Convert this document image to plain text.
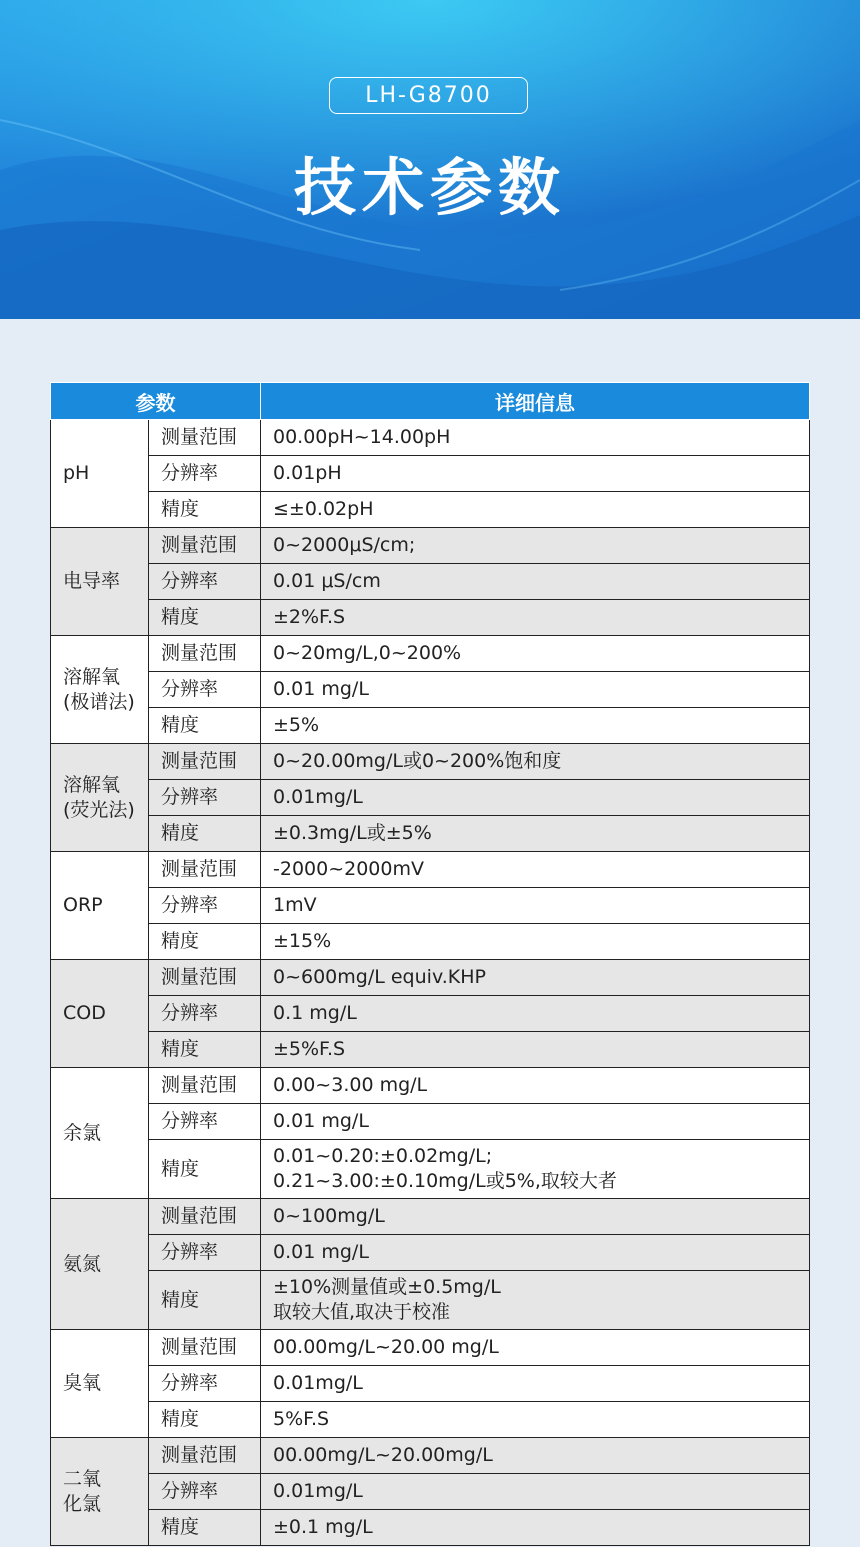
LH-G8700
技术参数
参数		详细信息
pH	测量范围	00.00pH~14.00pH
	分辨率	0.01pH
	精度	≤±0.02pH
电导率	测量范围	0~2000μS/cm;
	分辨率	0.01 μS/cm
	精度	±2%F.S
溶解氧
(极谱法)	测量范围	0~20mg/L,0~200%
	分辨率	0.01 mg/L
	精度	±5%
溶解氧
(荧光法)	测量范围	0~20.00mg/L或0~200%饱和度
	分辨率	0.01mg/L
	精度	±0.3mg/L或±5%
ORP	测量范围	-2000~2000mV
	分辨率	1mV
	精度	±15%
COD	测量范围	0~600mg/L equiv.KHP
	分辨率	0.1 mg/L
	精度	±5%F.S
余氯	测量范围	0.00~3.00 mg/L
	分辨率	0.01 mg/L
	精度	0.01~0.20:±0.02mg/L;
0.21~3.00:±0.10mg/L或5%,取较大者
氨氮	测量范围	0~100mg/L
	分辨率	0.01 mg/L
	精度	±10%测量值或±0.5mg/L
取较大值,取决于校准
臭氧	测量范围	00.00mg/L~20.00 mg/L
	分辨率	0.01mg/L
	精度	5%F.S
二氧
化氯	测量范围	00.00mg/L~20.00mg/L
	分辨率	0.01mg/L
	精度	±0.1 mg/L
